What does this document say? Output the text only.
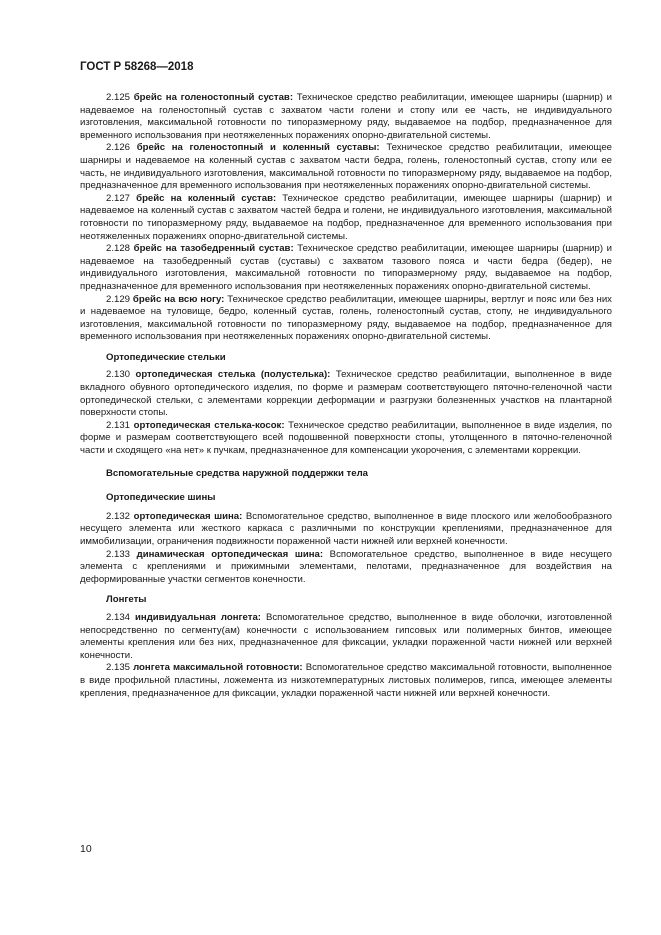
ГОСТ Р 58268—2018

2.125 брейс на голеностопный сустав: Техническое средство реабилитации, имеющее шарниры (шарнир) и надеваемое на голеностопный сустав с захватом части голени и стопу или ее часть, не индивидуального изготовления, максимальной готовности по типоразмерному ряду, выдаваемое на подбор, предназначенное для временного использования при неотяжеленных поражениях опорно-двигательной системы.

2.126 брейс на голеностопный и коленный суставы: Техническое средство реабилитации, имеющее шарниры и надеваемое на коленный сустав с захватом части бедра, голень, голеностопный сустав, стопу или ее часть, не индивидуального изготовления, максимальной готовности по типоразмерному ряду, выдаваемое на подбор, предназначенное для временного использования при неотяжеленных поражениях опорно-двигательной системы.

2.127 брейс на коленный сустав: Техническое средство реабилитации, имеющее шарниры (шарнир) и надеваемое на коленный сустав с захватом частей бедра и голени, не индивидуального изготовления, максимальной готовности по типоразмерному ряду, выдаваемое на подбор, предназначенное для временного использования при неотяжеленных поражениях опорно-двигательной системы.

2.128 брейс на тазобедренный сустав: Техническое средство реабилитации, имеющее шарниры (шарнир) и надеваемое на тазобедренный сустав (суставы) с захватом тазового пояса и части бедра (бедер), не индивидуального изготовления, максимальной готовности по типоразмерному ряду, выдаваемое на подбор, предназначенное для временного использования при неотяжеленных поражениях опорно-двигательной системы.

2.129 брейс на всю ногу: Техническое средство реабилитации, имеющее шарниры, вертлуг и пояс или без них и надеваемое на туловище, бедро, коленный сустав, голень, голеностопный сустав, стопу, не индивидуального изготовления, максимальной готовности по типоразмерному ряду, выдаваемое на подбор, предназначенное для временного использования при неотяжеленных поражениях опорно-двигательной системы.

Ортопедические стельки

2.130 ортопедическая стелька (полустелька): Техническое средство реабилитации, выполненное в виде вкладного обувного ортопедического изделия, по форме и размерам соответствующего пяточно-геленочной части ортопедической стельки, с элементами коррекции деформации и разгрузки болезненных участков на плантарной поверхности стопы.

2.131 ортопедическая стелька-косок: Техническое средство реабилитации, выполненное в виде изделия, по форме и размерам соответствующего всей подошвенной поверхности стопы, утолщенного в пяточно-геленочной части и сходящего «на нет» к пучкам, предназначенное для компенсации укорочения, с элементами коррекции.

Вспомогательные средства наружной поддержки тела

Ортопедические шины

2.132 ортопедическая шина: Вспомогательное средство, выполненное в виде плоского или желобообразного несущего элемента или жесткого каркаса с различными по конструкции креплениями, предназначенное для иммобилизации, ограничения подвижности пораженной части нижней или верхней конечности.

2.133 динамическая ортопедическая шина: Вспомогательное средство, выполненное в виде несущего элемента с креплениями и прижимными элементами, пелотами, предназначенное для воздействия на деформированные участки сегментов конечности.

Лонгеты

2.134 индивидуальная лонгета: Вспомогательное средство, выполненное в виде оболочки, изготовленной непосредственно по сегменту(ам) конечности с использованием гипсовых или полимерных бинтов, имеющее элементы крепления или без них, предназначенное для фиксации, укладки пораженной части нижней или верхней конечности.

2.135 лонгета максимальной готовности: Вспомогательное средство максимальной готовности, выполненное в виде профильной пластины, ложемента из низкотемпературных листовых полимеров, гипса, имеющее элементы крепления, предназначенное для фиксации, укладки пораженной части нижней или верхней конечности.

10
